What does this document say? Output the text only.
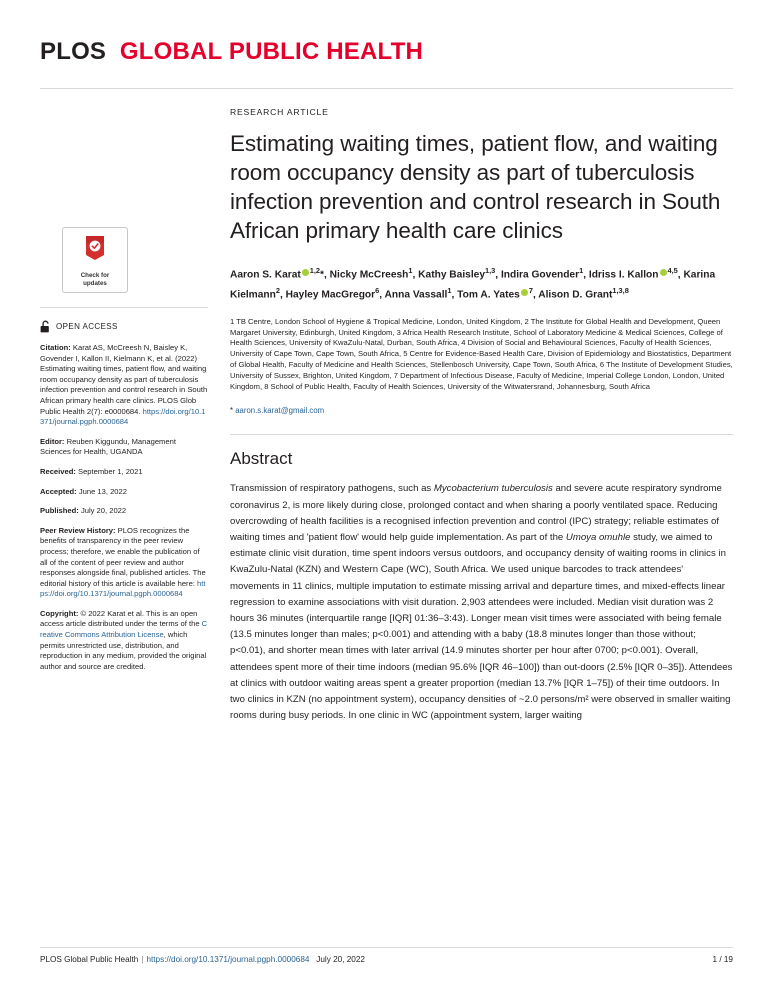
PLOS GLOBAL PUBLIC HEALTH
Check for
updates
OPEN ACCESS
Citation: Karat AS, McCreesh N, Baisley K, Govender I, Kallon II, Kielmann K, et al. (2022) Estimating waiting times, patient flow, and waiting room occupancy density as part of tuberculosis infection prevention and control research in South African primary health care clinics. PLOS Glob Public Health 2(7): e0000684. https://doi.org/10.1371/journal.pgph.0000684
Editor: Reuben Kiggundu, Management Sciences for Health, UGANDA
Received: September 1, 2021
Accepted: June 13, 2022
Published: July 20, 2022
Peer Review History: PLOS recognizes the benefits of transparency in the peer review process; therefore, we enable the publication of all of the content of peer review and author responses alongside final, published articles. The editorial history of this article is available here: https://doi.org/10.1371/journal.pgph.0000684
Copyright: © 2022 Karat et al. This is an open access article distributed under the terms of the Creative Commons Attribution License, which permits unrestricted use, distribution, and reproduction in any medium, provided the original author and source are credited.
RESEARCH ARTICLE
Estimating waiting times, patient flow, and waiting room occupancy density as part of tuberculosis infection prevention and control research in South African primary health care clinics
Aaron S. Karat $^{1,2}$*, Nicky McCreesh$^1$, Kathy Baisley$^{1,3}$, Indira Govender$^1$, Idriss I. Kallon $^{4,5}$, Karina Kielmann$^2$, Hayley MacGregor$^6$, Anna Vassall$^1$, Tom A. Yates $^7$, Alison D. Grant$^{1,3,8}$
1 TB Centre, London School of Hygiene & Tropical Medicine, London, United Kingdom, 2 The Institute for Global Health and Development, Queen Margaret University, Edinburgh, United Kingdom, 3 Africa Health Research Institute, School of Laboratory Medicine & Medical Sciences, College of Health Sciences, University of KwaZulu-Natal, Durban, South Africa, 4 Division of Social and Behavioural Sciences, Faculty of Health Sciences, University of Cape Town, Cape Town, South Africa, 5 Centre for Evidence-Based Health Care, Division of Epidemiology and Biostatistics, Department of Global Health, Faculty of Medicine and Health Sciences, Stellenbosch University, Cape Town, South Africa, 6 The Institute of Development Studies, University of Sussex, Brighton, United Kingdom, 7 Department of Infectious Disease, Faculty of Medicine, Imperial College London, London, United Kingdom, 8 School of Public Health, Faculty of Health Sciences, University of the Witwatersrand, Johannesburg, South Africa
* aaron.s.karat@gmail.com
Abstract

Transmission of respiratory pathogens, such as Mycobacterium tuberculosis and severe acute respiratory syndrome coronavirus 2, is more likely during close, prolonged contact and when sharing a poorly ventilated space. Reducing overcrowding of health facilities is a recognised infection prevention and control (IPC) strategy; reliable estimates of waiting times and 'patient flow' would help guide implementation. As part of the Umoya omuhle study, we aimed to estimate clinic visit duration, time spent indoors versus outdoors, and occupancy density of waiting rooms in clinics in KwaZulu-Natal (KZN) and Western Cape (WC), South Africa. We used unique barcodes to track attendees' movements in 11 clinics, multiple imputation to estimate missing arrival and departure times, and mixed-effects linear regression to examine associations with visit duration. 2,903 attendees were included. Median visit duration was 2 hours 36 minutes (interquartile range [IQR] 01:36–3:43). Longer mean visit times were associated with being female (13.5 minutes longer than males; p<0.001) and attending with a baby (18.8 minutes longer than those without; p<0.01), and shorter mean times with later arrival (14.9 minutes shorter per hour after 0700; p<0.001). Overall, attendees spent more of their time indoors (median 95.6% [IQR 46–100]) than out-doors (2.5% [IQR 0–35]). Attendees at clinics with outdoor waiting areas spent a greater proportion (median 13.7% [IQR 1–75]) of their time outdoors. In two clinics in KZN (no appointment system), occupancy densities of ~2.0 persons/m² were observed in smaller waiting rooms during busy periods. In one clinic in WC (appointment system, larger waiting

PLOS Global Public Health | https://doi.org/10.1371/journal.pgph.0000684 July 20, 2022	1 / 19
